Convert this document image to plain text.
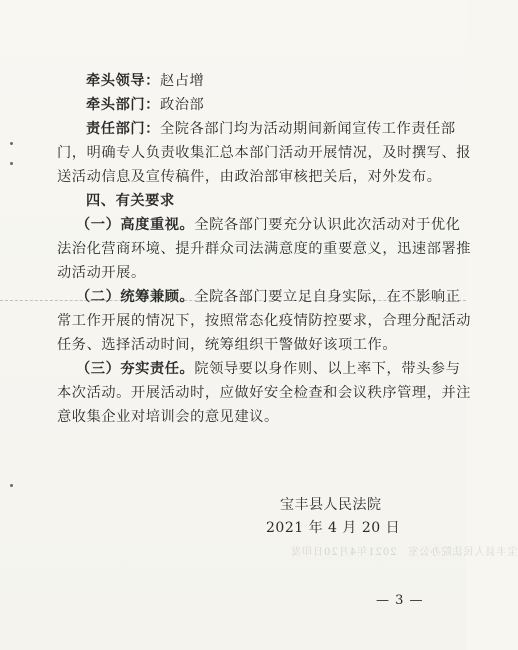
牵头领导：赵占增
牵头部门：政治部
责任部门：全院各部门均为活动期间新闻宣传工作责任部
门，明确专人负责收集汇总本部门活动开展情况，及时撰写、报
送活动信息及宣传稿件，由政治部审核把关后，对外发布。
四、有关要求
（一）高度重视。全院各部门要充分认识此次活动对于优化
法治化营商环境、提升群众司法满意度的重要意义，迅速部署推
动活动开展。
（二）统筹兼顾。全院各部门要立足自身实际，在不影响正
常工作开展的情况下，按照常态化疫情防控要求，合理分配活动
任务、选择活动时间，统筹组织干警做好该项工作。
（三）夯实责任。院领导要以身作则、以上率下，带头参与
本次活动。开展活动时，应做好安全检查和会议秩序管理，并注
意收集企业对培训会的意见建议。
宝丰县人民法院
2021 年 4 月 20 日
宝丰县人民法院办公室　2021年4月20日印发
— 3 —
